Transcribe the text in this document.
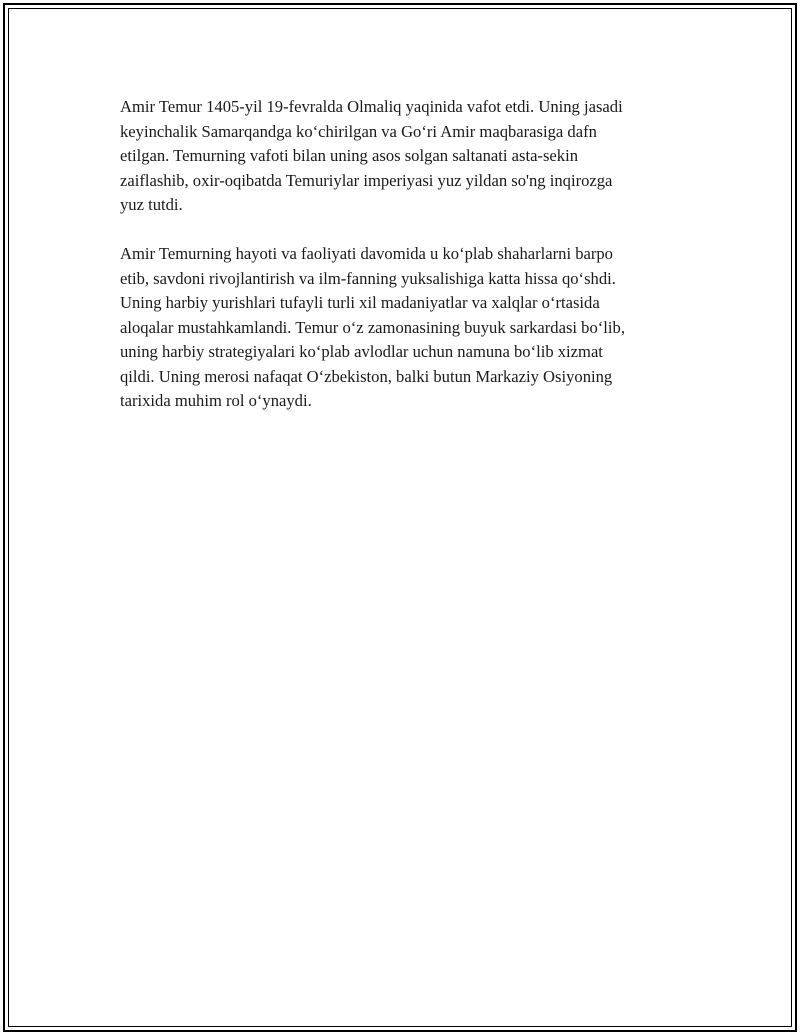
Amir Temur 1405-yil 19-fevralda Olmaliq yaqinida vafot etdi. Uning jasadi
keyinchalik Samarqandga ko‘chirilgan va Go‘ri Amir maqbarasiga dafn
etilgan. Temurning vafoti bilan uning asos solgan saltanati asta-sekin
zaiflashib, oxir-oqibatda Temuriylar imperiyasi yuz yildan so'ng inqirozga
yuz tutdi.

Amir Temurning hayoti va faoliyati davomida u ko‘plab shaharlarni barpo
etib, savdoni rivojlantirish va ilm-fanning yuksalishiga katta hissa qo‘shdi.
Uning harbiy yurishlari tufayli turli xil madaniyatlar va xalqlar o‘rtasida
aloqalar mustahkamlandi. Temur o‘z zamonasining buyuk sarkardasi bo‘lib,
uning harbiy strategiyalari ko‘plab avlodlar uchun namuna bo‘lib xizmat
qildi. Uning merosi nafaqat O‘zbekiston, balki butun Markaziy Osiyoning
tarixida muhim rol o‘ynaydi.
